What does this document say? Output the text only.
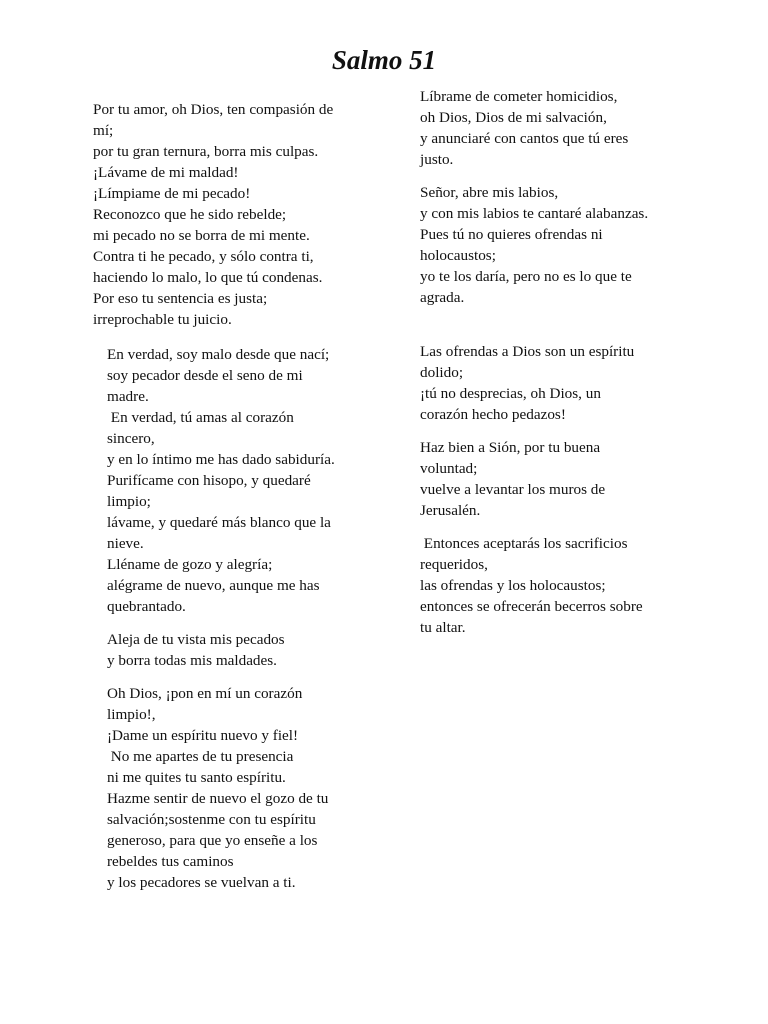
Salmo 51

Por tu amor, oh Dios, ten compasión de
mí;
por tu gran ternura, borra mis culpas.
¡Lávame de mi maldad!
¡Límpiame de mi pecado!
Reconozco que he sido rebelde;
mi pecado no se borra de mi mente.
Contra ti he pecado, y sólo contra ti,
haciendo lo malo, lo que tú condenas.
Por eso tu sentencia es justa;
irreprochable tu juicio.

En verdad, soy malo desde que nací;
soy pecador desde el seno de mi
madre.
En verdad, tú amas al corazón
sincero,
y en lo íntimo me has dado sabiduría.
Purifícame con hisopo, y quedaré
limpio;
lávame, y quedaré más blanco que la
nieve.
Lléname de gozo y alegría;
alégrame de nuevo, aunque me has
quebrantado.

Aleja de tu vista mis pecados
y borra todas mis maldades.

Oh Dios, ¡pon en mí un corazón
limpio!,
¡Dame un espíritu nuevo y fiel!
No me apartes de tu presencia
ni me quites tu santo espíritu.
Hazme sentir de nuevo el gozo de tu
salvación;sostenme con tu espíritu
generoso, para que yo enseñe a los
rebeldes tus caminos
y los pecadores se vuelvan a ti.

Líbrame de cometer homicidios,
oh Dios, Dios de mi salvación,
y anunciaré con cantos que tú eres
justo.

Señor, abre mis labios,
y con mis labios te cantaré alabanzas.
Pues tú no quieres ofrendas ni
holocaustos;
yo te los daría, pero no es lo que te
agrada.

Las ofrendas a Dios son un espíritu
dolido;
¡tú no desprecias, oh Dios, un
corazón hecho pedazos!

Haz bien a Sión, por tu buena
voluntad;
vuelve a levantar los muros de
Jerusalén.

Entonces aceptarás los sacrificios
requeridos,
las ofrendas y los holocaustos;
entonces se ofrecerán becerros sobre
tu altar.
